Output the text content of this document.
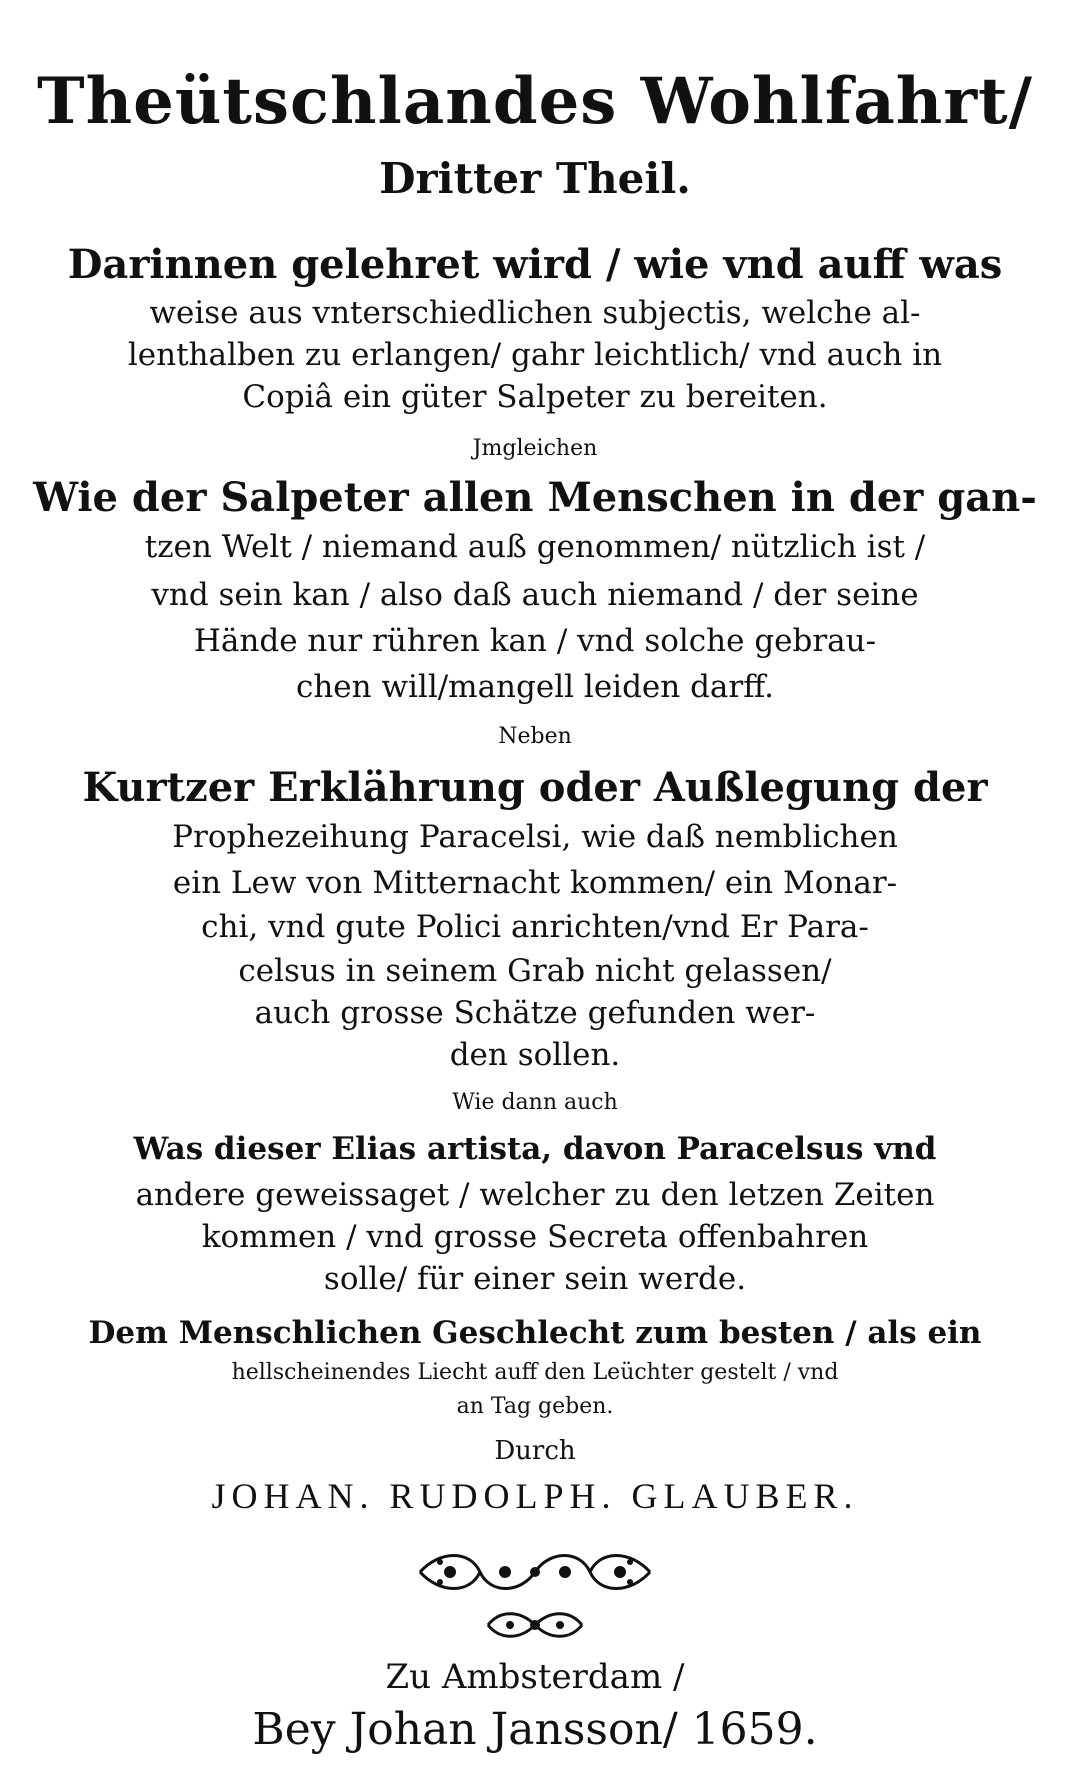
Theütschlandes Wohlfahrt/
Dritter Theil.
Darinnen gelehret wird / wie vnd auff was
weise aus vnterschiedlichen subjectis, welche al-
lenthalben zu erlangen/ gahr leichtlich/ vnd auch in
Copiâ ein güter Salpeter zu bereiten.
Jmgleichen
Wie der Salpeter allen Menschen in der gan-
tzen Welt / niemand auß genommen/ nützlich ist /
vnd sein kan / also daß auch niemand / der seine
Hände nur rühren kan / vnd solche gebrau-
chen will/mangell leiden darff.
Neben
Kurtzer Erklährung oder Außlegung der
Prophezeihung Paracelsi, wie daß nemblichen
ein Lew von Mitternacht kommen/ ein Monar-
chi, vnd gute Polici anrichten/vnd Er Para-
celsus in seinem Grab nicht gelassen/
auch grosse Schätze gefunden wer-
den sollen.
Wie dann auch
Was dieser Elias artista, davon Paracelsus vnd
andere geweissaget / welcher zu den letzen Zeiten
kommen / vnd grosse Secreta offenbahren
solle/ für einer sein werde.
Dem Menschlichen Geschlecht zum besten / als ein
hellscheinendes Liecht auff den Leüchter gestelt / vnd
an Tag geben.
Durch
JOHAN. RUDOLPH. GLAUBER.
Zu Ambsterdam /
Bey Johan Jansson/ 1659.
